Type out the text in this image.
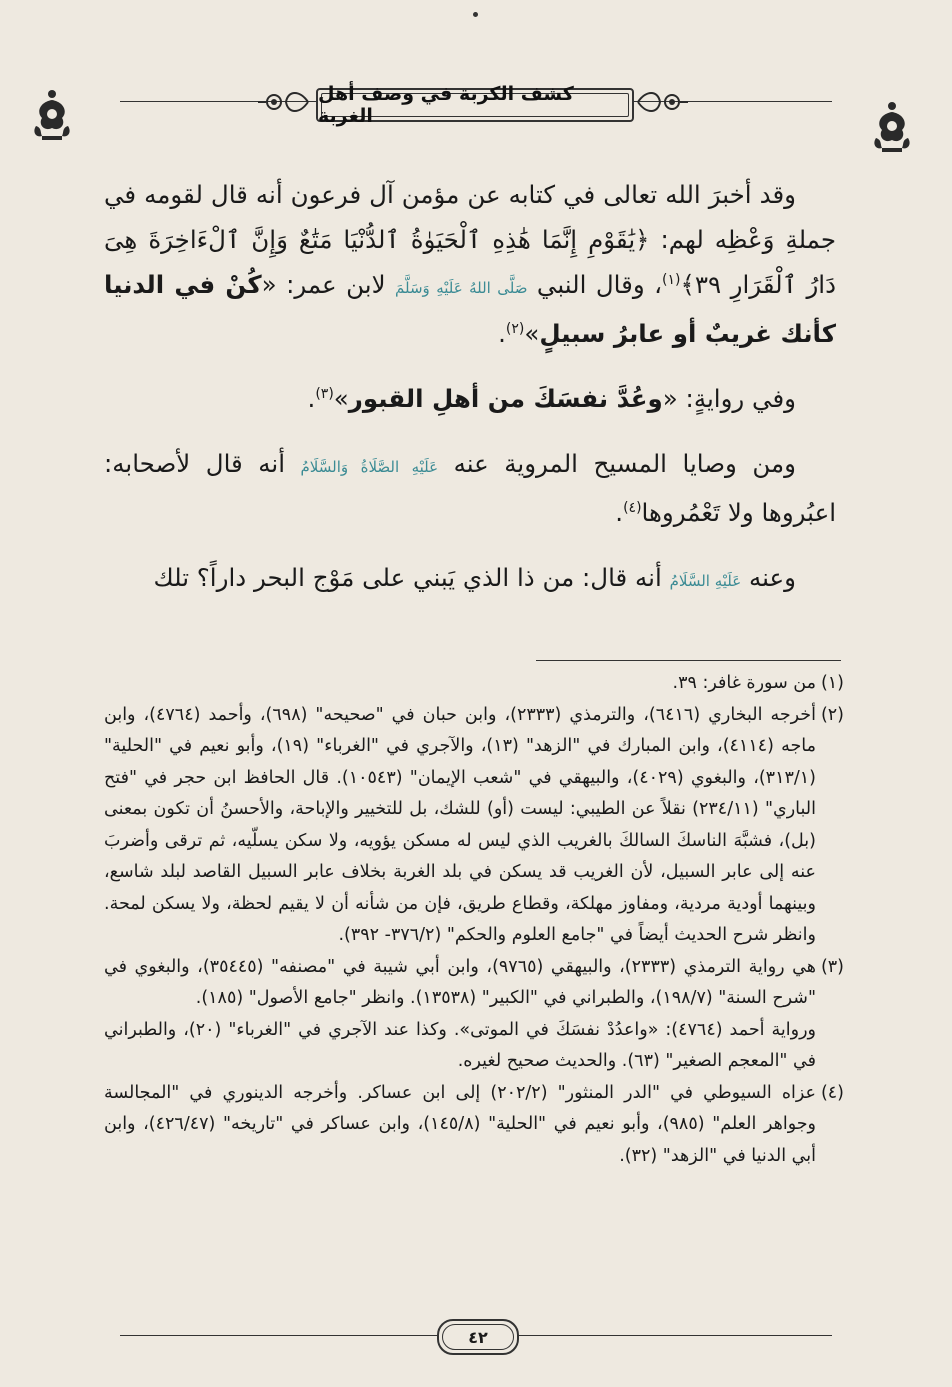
كشف الكربة في وصف أهل الغربة

وقد أخبرَ الله تعالى في كتابه عن مؤمن آل فرعون أنه قال لقومه في جملةِ وَعْظِه لهم: ﴿يَٰقَوْمِ إِنَّمَا هَٰذِهِ ٱلْحَيَوٰةُ ٱلدُّنْيَا مَتَٰعٌ وَإِنَّ ٱلْءَاخِرَةَ هِىَ دَارُ ٱلْقَرَارِ ٣٩﴾$^{(١)}$، وقال النبي صَلَّى اللهُ عَلَيْهِ وَسَلَّمَ لابن عمر: «كُنْ في الدنيا كأنك غريبٌ أو عابرُ سبيلٍ»$^{(٢)}$.

وفي روايةٍ: «وعُدَّ نفسَكَ من أهلِ القبور»$^{(٣)}$.

ومن وصايا المسيح المروية عنه عَلَيْهِ الصَّلَاةُ وَالسَّلَامُ أنه قال لأصحابه: اعبُروها ولا تَعْمُروها$^{(٤)}$.

وعنه عَلَيْهِ السَّلَامُ أنه قال: من ذا الذي يَبني على مَوْج البحر داراً؟ تلك

(١)
من سورة غافر: ٣٩.
(٢)
أخرجه البخاري (٦٤١٦)، والترمذي (٢٣٣٣)، وابن حبان في "صحيحه" (٦٩٨)، وأحمد (٤٧٦٤)، وابن ماجه (٤١١٤)، وابن المبارك في "الزهد" (١٣)، والآجري في "الغرباء" (١٩)، وأبو نعيم في "الحلية" (٣١٣/١)، والبغوي (٤٠٢٩)، والبيهقي في "شعب الإيمان" (١٠٥٤٣). قال الحافظ ابن حجر في "فتح الباري" (٢٣٤/١١) نقلاً عن الطيبي: ليست (أو) للشك، بل للتخيير والإباحة، والأحسنُ أن تكون بمعنى (بل)، فشبَّهَ الناسكَ السالكَ بالغريب الذي ليس له مسكن يؤويه، ولا سكن يسلّيه، ثم ترقى وأضربَ عنه إلى عابر السبيل، لأن الغريب قد يسكن في بلد الغربة بخلاف عابر السبيل القاصد لبلد شاسع، وبينهما أودية مردية، ومفاوز مهلكة، وقطاع طريق، فإن من شأنه أن لا يقيم لحظة، ولا يسكن لمحة. وانظر شرح الحديث أيضاً في "جامع العلوم والحكم" (٣٧٦/٢- ٣٩٢).
(٣)
هي رواية الترمذي (٢٣٣٣)، والبيهقي (٩٧٦٥)، وابن أبي شيبة في "مصنفه" (٣٥٤٤٥)، والبغوي في "شرح السنة" (١٩٨/٧)، والطبراني في "الكبير" (١٣٥٣٨). وانظر "جامع الأصول" (١٨٥).
ورواية أحمد (٤٧٦٤): «واعدُدْ نفسَكَ في الموتى». وكذا عند الآجري في "الغرباء" (٢٠)، والطبراني في "المعجم الصغير" (٦٣). والحديث صحيح لغيره.
(٤)
عزاه السيوطي في "الدر المنثور" (٢٠٢/٢) إلى ابن عساكر. وأخرجه الدينوري في "المجالسة وجواهر العلم" (٩٨٥)، وأبو نعيم في "الحلية" (١٤٥/٨)، وابن عساكر في "تاريخه" (٤٢٦/٤٧)، وابن أبي الدنيا في "الزهد" (٣٢).
٤٢
